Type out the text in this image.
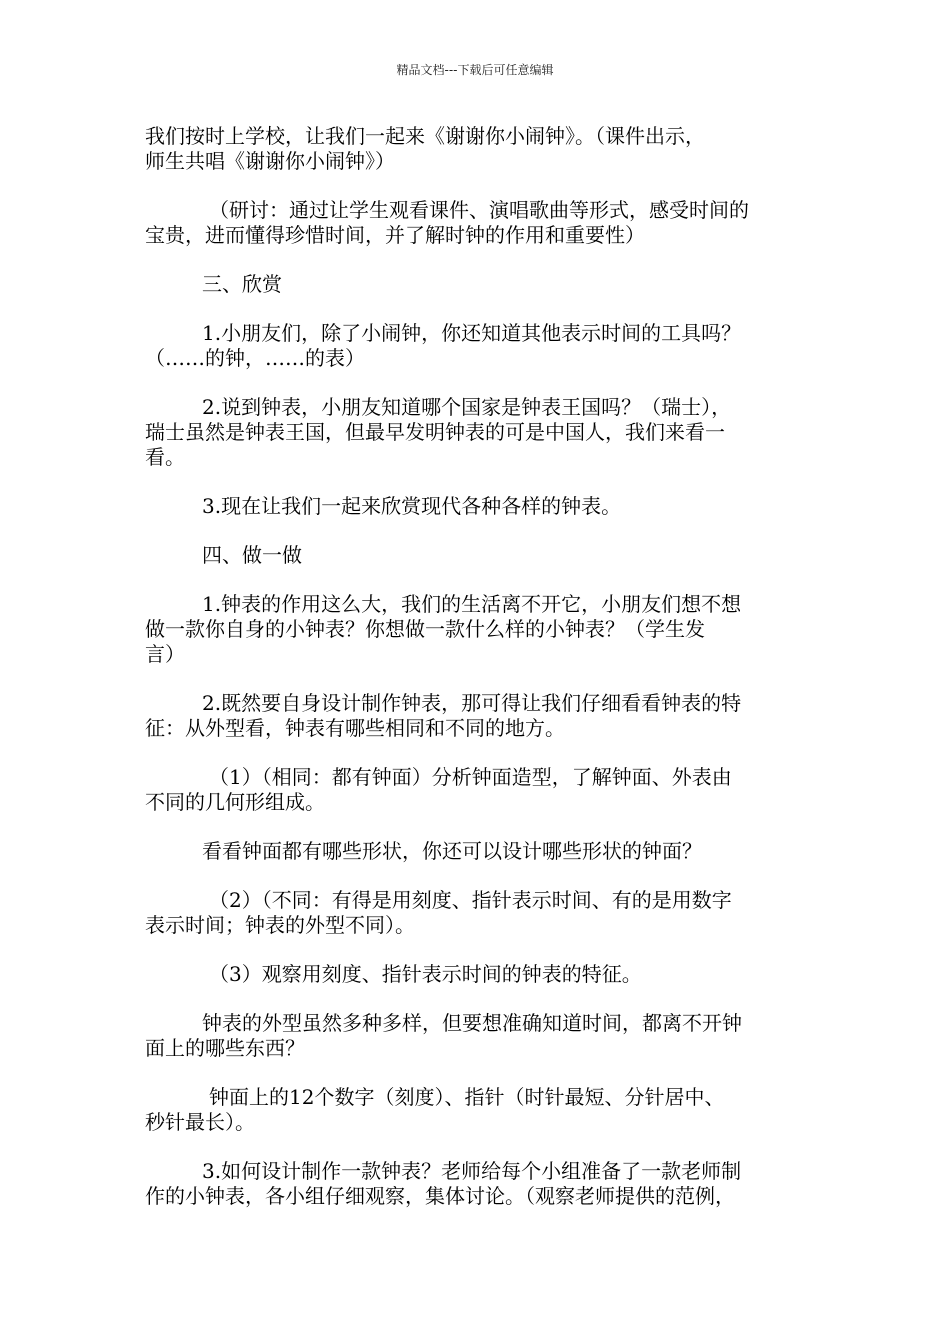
精品文档---下载后可任意编辑

我们按时上学校，让我们一起来《谢谢你小闹钟》。（课件出示，
师生共唱《谢谢你小闹钟》）

（研讨：通过让学生观看课件、演唱歌曲等形式，感受时间的
宝贵，进而懂得珍惜时间，并了解时钟的作用和重要性）

三、欣赏

1.小朋友们，除了小闹钟，你还知道其他表示时间的工具吗？
（……的钟，……的表）

2.说到钟表，小朋友知道哪个国家是钟表王国吗？（瑞士），
瑞士虽然是钟表王国，但最早发明钟表的可是中国人，我们来看一
看。

3.现在让我们一起来欣赏现代各种各样的钟表。

四、做一做

1.钟表的作用这么大，我们的生活离不开它，小朋友们想不想
做一款你自身的小钟表？你想做一款什么样的小钟表？（学生发
言）

2.既然要自身设计制作钟表，那可得让我们仔细看看钟表的特
征：从外型看，钟表有哪些相同和不同的地方。

（1）（相同：都有钟面）分析钟面造型，了解钟面、外表由
不同的几何形组成。

看看钟面都有哪些形状，你还可以设计哪些形状的钟面？

（2）（不同：有得是用刻度、指针表示时间、有的是用数字
表示时间；钟表的外型不同）。

（3）观察用刻度、指针表示时间的钟表的特征。

钟表的外型虽然多种多样，但要想准确知道时间，都离不开钟
面上的哪些东西？

钟面上的12个数字（刻度）、指针（时针最短、分针居中、
秒针最长）。

3.如何设计制作一款钟表？老师给每个小组准备了一款老师制
作的小钟表，各小组仔细观察，集体讨论。（观察老师提供的范例，
